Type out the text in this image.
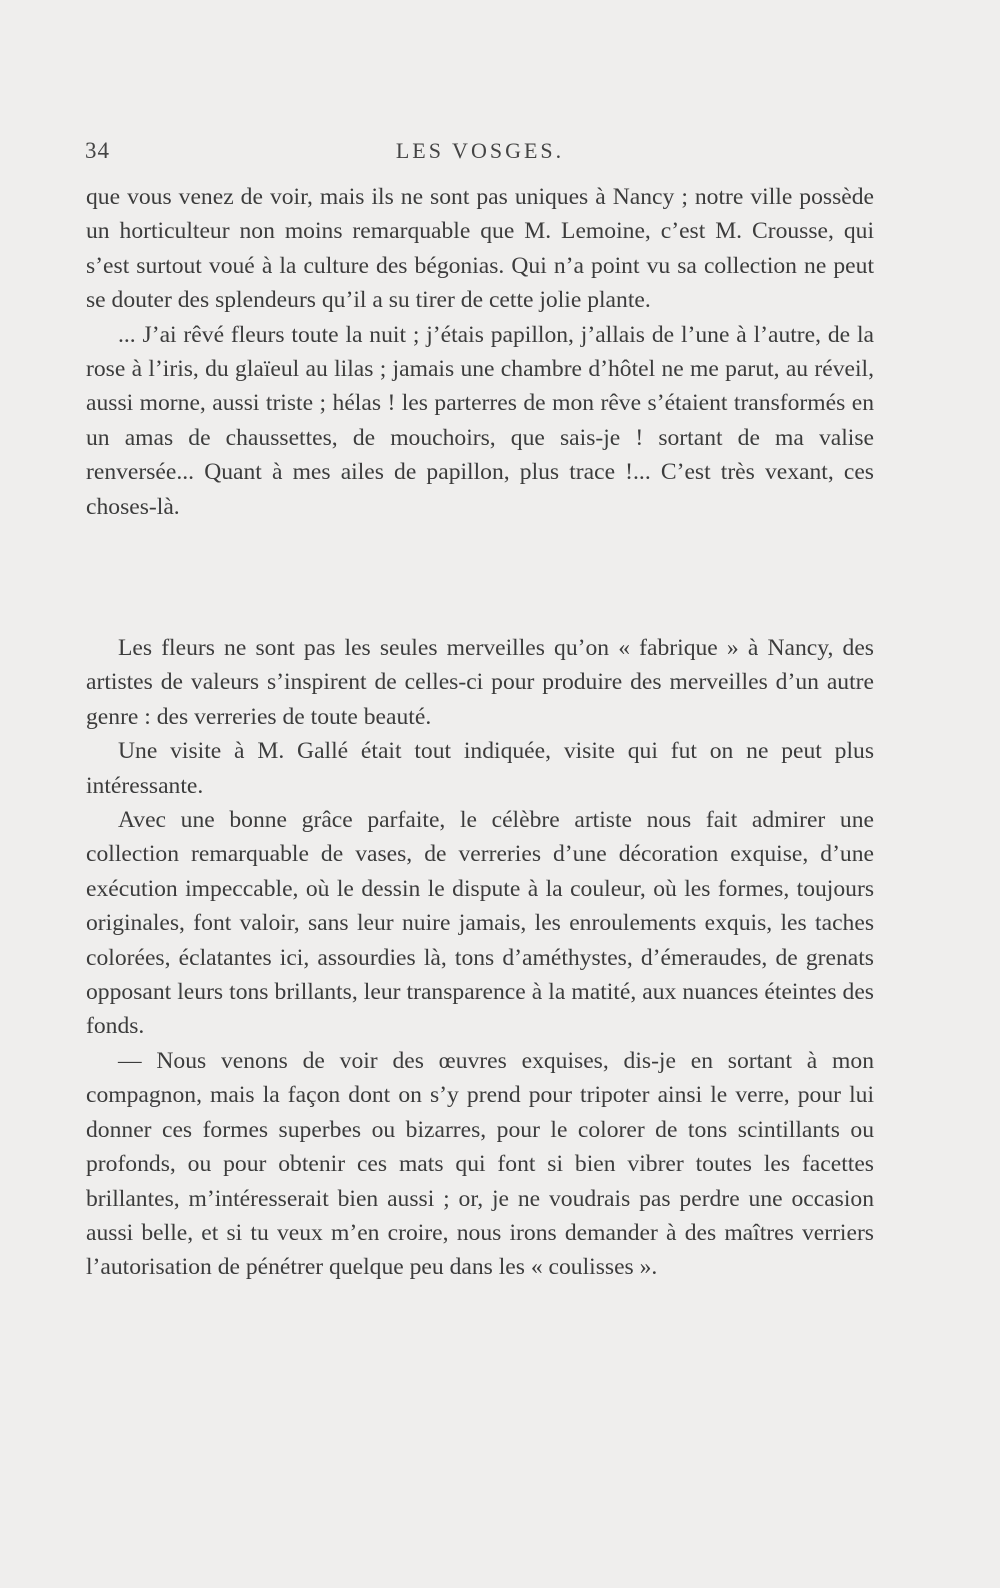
34	LES VOSGES.

que vous venez de voir, mais ils ne sont pas uniques à Nancy ; notre ville possède un horticulteur non moins remarquable que M. Lemoine, c’est M. Crousse, qui s’est surtout voué à la culture des bégonias. Qui n’a point vu sa collection ne peut se douter des splendeurs qu’il a su tirer de cette jolie plante.

... J’ai rêvé fleurs toute la nuit ; j’étais papillon, j’allais de l’une à l’autre, de la rose à l’iris, du glaïeul au lilas ; jamais une chambre d’hôtel ne me parut, au réveil, aussi morne, aussi triste ; hélas ! les parterres de mon rêve s’étaient transformés en un amas de chaussettes, de mouchoirs, que sais-je ! sortant de ma valise renversée... Quant à mes ailes de papillon, plus trace !... C’est très vexant, ces choses-là.

Les fleurs ne sont pas les seules merveilles qu’on « fabrique » à Nancy, des artistes de valeurs s’inspirent de celles-ci pour produire des merveilles d’un autre genre : des verreries de toute beauté.

Une visite à M. Gallé était tout indiquée, visite qui fut on ne peut plus intéressante.

Avec une bonne grâce parfaite, le célèbre artiste nous fait admirer une collection remarquable de vases, de verreries d’une décoration exquise, d’une exécution impeccable, où le dessin le dispute à la couleur, où les formes, toujours originales, font valoir, sans leur nuire jamais, les enroulements exquis, les taches colorées, éclatantes ici, assourdies là, tons d’améthystes, d’émeraudes, de grenats opposant leurs tons brillants, leur transparence à la matité, aux nuances éteintes des fonds.

— Nous venons de voir des œuvres exquises, dis-je en sortant à mon compagnon, mais la façon dont on s’y prend pour tripoter ainsi le verre, pour lui donner ces formes superbes ou bizarres, pour le colorer de tons scintillants ou profonds, ou pour obtenir ces mats qui font si bien vibrer toutes les facettes brillantes, m’intéresserait bien aussi ; or, je ne voudrais pas perdre une occasion aussi belle, et si tu veux m’en croire, nous irons demander à des maîtres verriers l’autorisation de pénétrer quelque peu dans les « coulisses ».
